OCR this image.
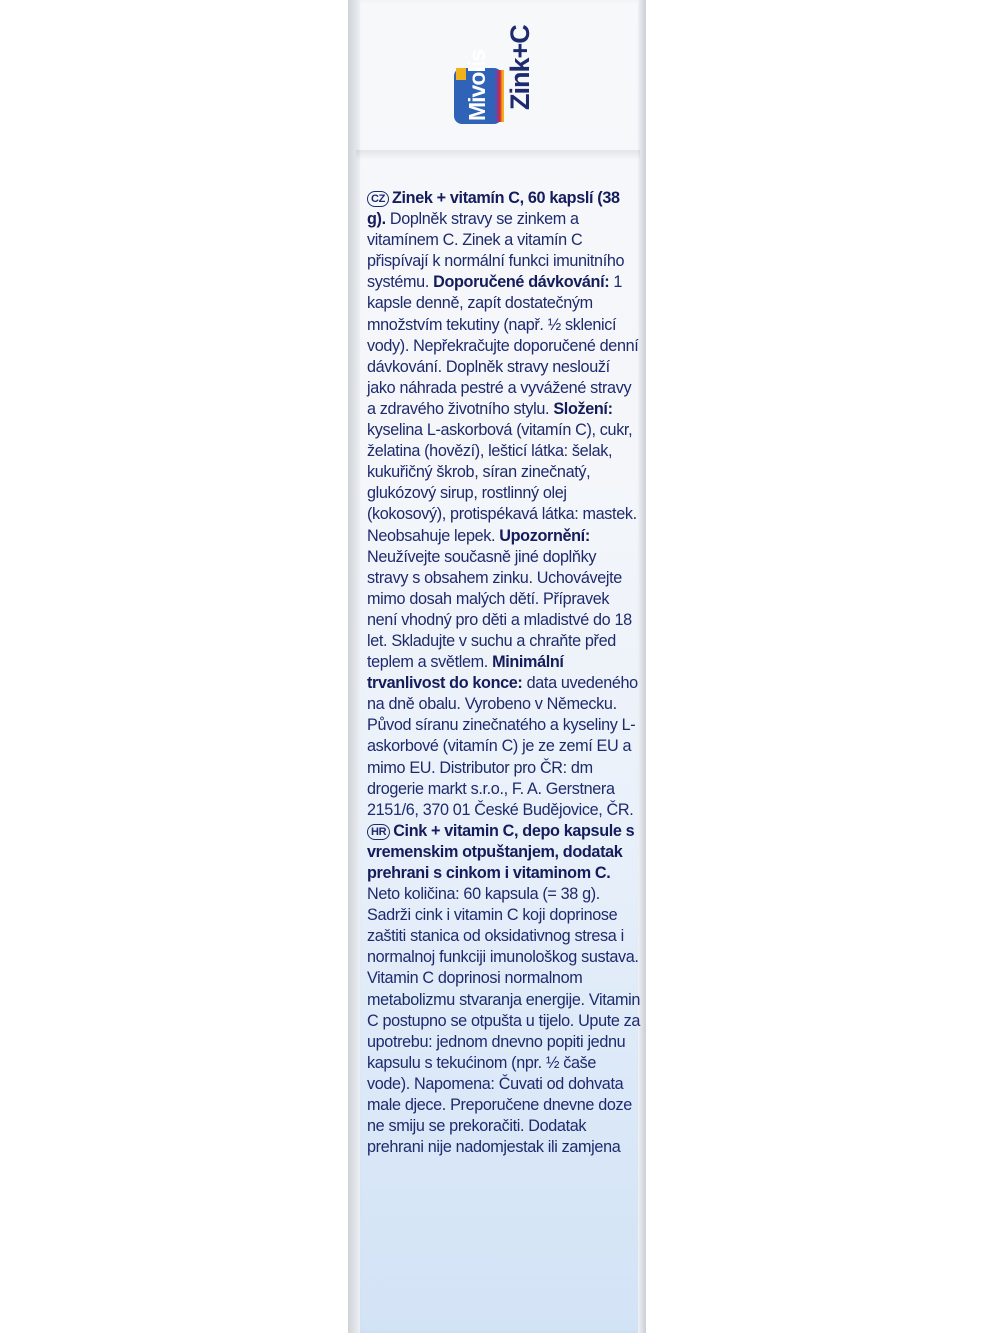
Mivolis Zink+C

CZ Zinek + vitamín C, 60 kapslí (38 g). Doplněk stravy se zinkem a vitamínem C. Zinek a vitamín C přispívají k normální funkci imunitního systému. Doporučené dávkování: 1 kapsle denně, zapít dostatečným množstvím tekutiny (např. ½ sklenicí vody). Nepřekračujte doporučené denní dávkování. Doplněk stravy neslouží jako náhrada pestré a vyvážené stravy a zdravého životního stylu. Složení: kyselina L-askorbová (vitamín C), cukr, želatina (hovězí), lešticí látka: šelak, kukuřičný škrob, síran zinečnatý, glukózový sirup, rostlinný olej (kokosový), protispékavá látka: mastek. Neobsahuje lepek. Upozornění: Neužívejte současně jiné doplňky stravy s obsahem zinku. Uchovávejte mimo dosah malých dětí. Přípravek není vhodný pro děti a mladistvé do 18 let. Skladujte v suchu a chraňte před teplem a světlem. Minimální trvanlivost do konce: data uvedeného na dně obalu. Vyrobeno v Německu. Původ síranu zinečnatého a kyseliny L-askorbové (vitamín C) je ze zemí EU a mimo EU. Distributor pro ČR: dm drogerie markt s.r.o., F. A. Gerstnera 2151/6, 370 01 České Budějovice, ČR.

HR Cink + vitamin C, depo kapsule s vremenskim otpuštanjem, dodatak prehrani s cinkom i vitaminom C. Neto količina: 60 kapsula (= 38 g). Sadrži cink i vitamin C koji doprinose zaštiti stanica od oksidativnog stresa i normalnoj funkciji imunološkog sustava. Vitamin C doprinosi normalnom metabolizmu stvaranja energije. Vitamin C postupno se otpušta u tijelo. Upute za upotrebu: jednom dnevno popiti jednu kapsulu s tekućinom (npr. ½ čaše vode). Napomena: Čuvati od dohvata male djece. Preporučene dnevne doze ne smiju se prekoračiti. Dodatak prehrani nije nadomjestak ili zamjena
